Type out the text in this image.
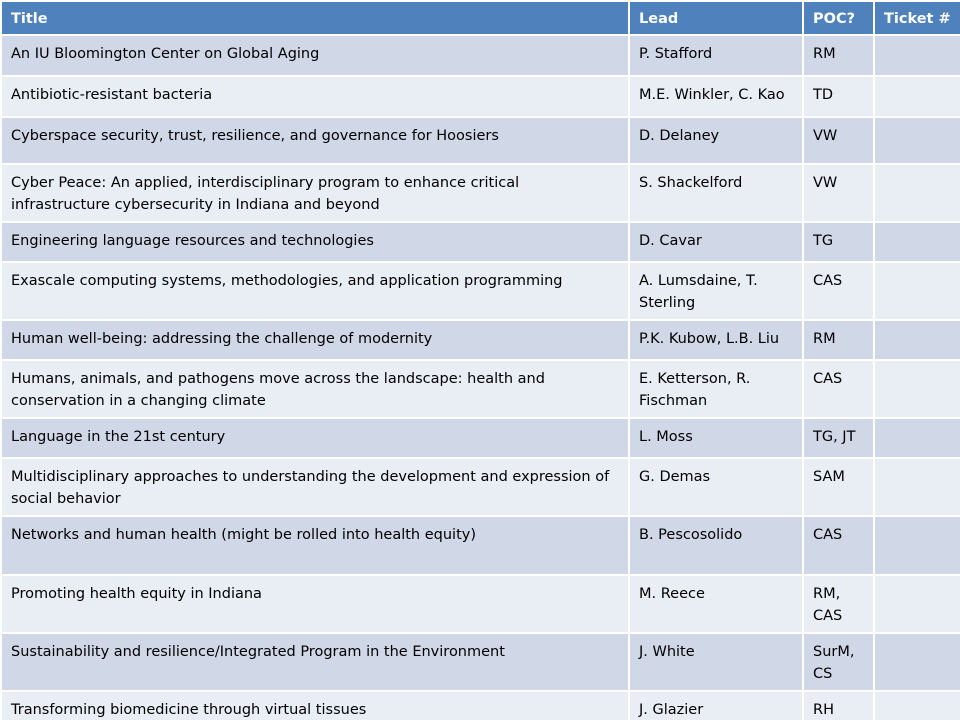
Title	Lead	POC?	Ticket #
An IU Bloomington Center on Global Aging	P. Stafford	RM	
Antibiotic-resistant bacteria	M.E. Winkler, C. Kao	TD	
Cyberspace security, trust, resilience, and governance for Hoosiers	D. Delaney	VW	
Cyber Peace: An applied, interdisciplinary program to enhance critical infrastructure cybersecurity in Indiana and beyond	S. Shackelford	VW	
Engineering language resources and technologies	D. Cavar	TG	
Exascale computing systems, methodologies, and application programming	A. Lumsdaine, T. Sterling	CAS	
Human well-being: addressing the challenge of modernity	P.K. Kubow, L.B. Liu	RM	
Humans, animals, and pathogens move across the landscape: health and conservation in a changing climate	E. Ketterson, R. Fischman	CAS	
Language in the 21st century	L. Moss	TG, JT	
Multidisciplinary approaches to understanding the development and expression of social behavior	G. Demas	SAM	
Networks and human health (might be rolled into health equity)	B. Pescosolido	CAS	
Promoting health equity in Indiana	M. Reece	RM, CAS	
Sustainability and resilience/Integrated Program in the Environment	J. White	SurM, CS	
Transforming biomedicine through virtual tissues	J. Glazier	RH	
